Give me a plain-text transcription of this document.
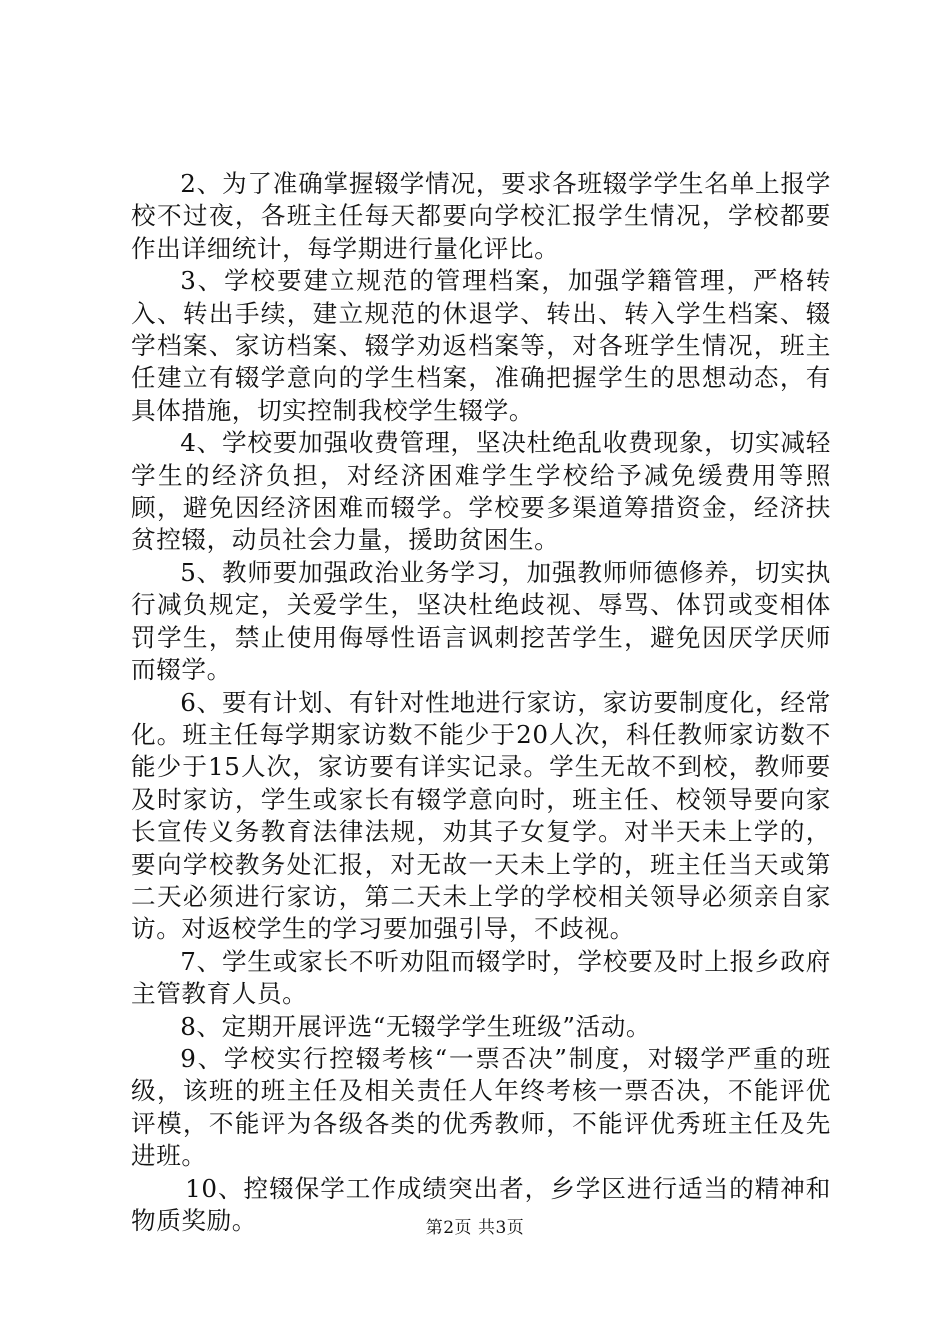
2、为了准确掌握辍学情况，要求各班辍学学生名单上报学校不过夜，各班主任每天都要向学校汇报学生情况，学校都要作出详细统计，每学期进行量化评比。

3、学校要建立规范的管理档案，加强学籍管理，严格转入、转出手续，建立规范的休退学、转出、转入学生档案、辍学档案、家访档案、辍学劝返档案等，对各班学生情况，班主任建立有辍学意向的学生档案，准确把握学生的思想动态，有具体措施，切实控制我校学生辍学。

4、学校要加强收费管理，坚决杜绝乱收费现象，切实减轻学生的经济负担，对经济困难学生学校给予减免缓费用等照顾，避免因经济困难而辍学。学校要多渠道筹措资金，经济扶贫控辍，动员社会力量，援助贫困生。

5、教师要加强政治业务学习，加强教师师德修养，切实执行减负规定，关爱学生，坚决杜绝歧视、辱骂、体罚或变相体罚学生，禁止使用侮辱性语言讽刺挖苦学生，避免因厌学厌师而辍学。

6、要有计划、有针对性地进行家访，家访要制度化，经常化。班主任每学期家访数不能少于20人次，科任教师家访数不能少于15人次，家访要有详实记录。学生无故不到校，教师要及时家访，学生或家长有辍学意向时，班主任、校领导要向家长宣传义务教育法律法规，劝其子女复学。对半天未上学的，要向学校教务处汇报，对无故一天未上学的，班主任当天或第二天必须进行家访，第二天未上学的学校相关领导必须亲自家访。对返校学生的学习要加强引导，不歧视。

7、学生或家长不听劝阻而辍学时，学校要及时上报乡政府主管教育人员。

8、定期开展评选“无辍学学生班级”活动。

9、学校实行控辍考核“一票否决”制度，对辍学严重的班级，该班的班主任及相关责任人年终考核一票否决，不能评优评模，不能评为各级各类的优秀教师，不能评优秀班主任及先进班。

10、控辍保学工作成绩突出者，乡学区进行适当的精神和物质奖励。	第2页 共3页
